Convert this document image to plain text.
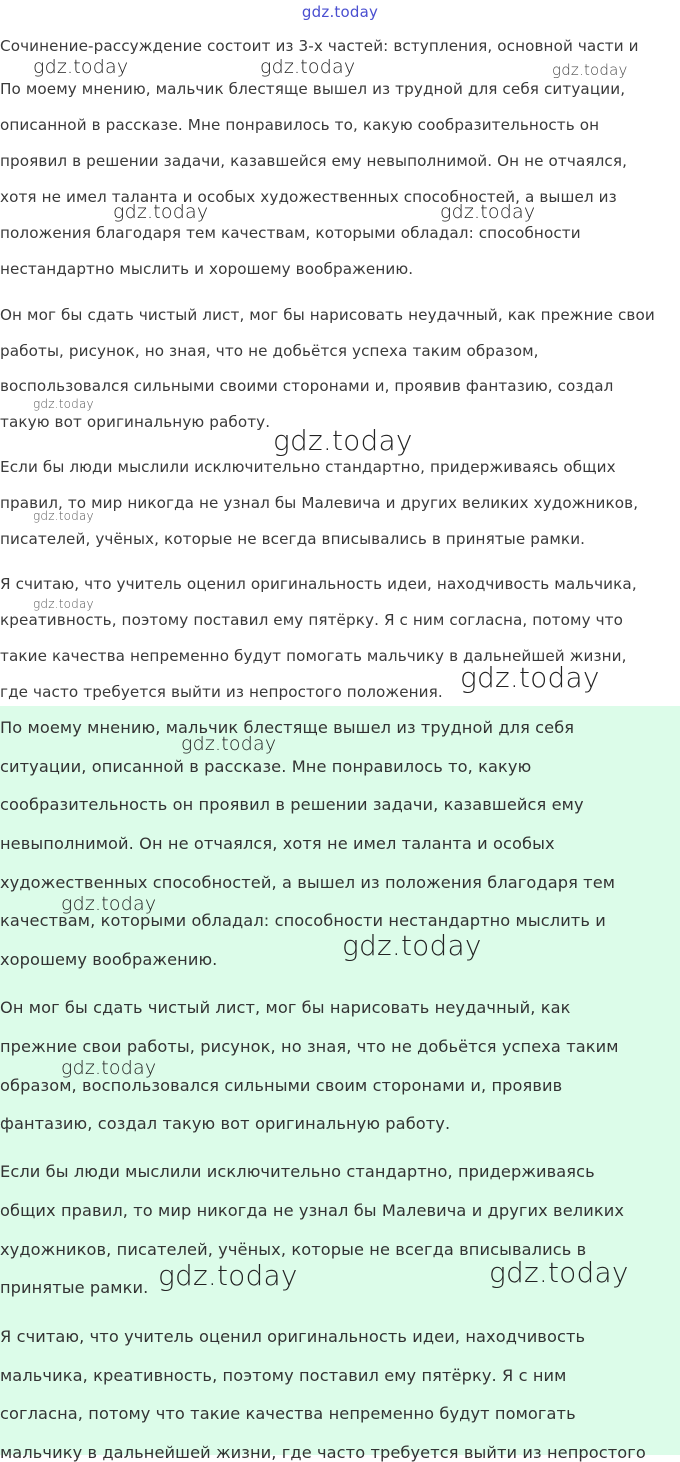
gdz.today
Сочинение-рассуждение состоит из 3-х частей: вступления, основной части и
По моему мнению, мальчик блестяще вышел из трудной для себя ситуации,
описанной в рассказе. Мне понравилось то, какую сообразительность он
проявил в решении задачи, казавшейся ему невыполнимой. Он не отчаялся,
хотя не имел таланта и особых художественных способностей, а вышел из
положения благодаря тем качествам, которыми обладал: способности
нестандартно мыслить и хорошему воображению.
Он мог бы сдать чистый лист, мог бы нарисовать неудачный, как прежние свои
работы, рисунок, но зная, что не добьётся успеха таким образом,
воспользовался сильными своими сторонами и, проявив фантазию, создал
такую вот оригинальную работу.
Если бы люди мыслили исключительно стандартно, придерживаясь общих
правил, то мир никогда не узнал бы Малевича и других великих художников,
писателей, учёных, которые не всегда вписывались в принятые рамки.
Я считаю, что учитель оценил оригинальность идеи, находчивость мальчика,
креативность, поэтому поставил ему пятёрку. Я с ним согласна, потому что
такие качества непременно будут помогать мальчику в дальнейшей жизни,
где часто требуется выйти из непростого положения.
По моему мнению, мальчик блестяще вышел из трудной для себя
ситуации, описанной в рассказе. Мне понравилось то, какую
сообразительность он проявил в решении задачи, казавшейся ему
невыполнимой. Он не отчаялся, хотя не имел таланта и особых
художественных способностей, а вышел из положения благодаря тем
качествам, которыми обладал: способности нестандартно мыслить и
хорошему воображению.
Он мог бы сдать чистый лист, мог бы нарисовать неудачный, как
прежние свои работы, рисунок, но зная, что не добьётся успеха таким
образом, воспользовался сильными своим сторонами и, проявив
фантазию, создал такую вот оригинальную работу.
Если бы люди мыслили исключительно стандартно, придерживаясь
общих правил, то мир никогда не узнал бы Малевича и других великих
художников, писателей, учёных, которые не всегда вписывались в
принятые рамки.
Я считаю, что учитель оценил оригинальность идеи, находчивость
мальчика, креативность, поэтому поставил ему пятёрку. Я с ним
согласна, потому что такие качества непременно будут помогать
мальчику в дальнейшей жизни, где часто требуется выйти из непростого
gdz.today	gdz.today	gdz.today
gdz.today	gdz.today
gdz.today
gdz.today
gdz.today
gdz.today
gdz.today
gdz.today
gdz.today
gdz.today
gdz.today
gdz.today	gdz.today
